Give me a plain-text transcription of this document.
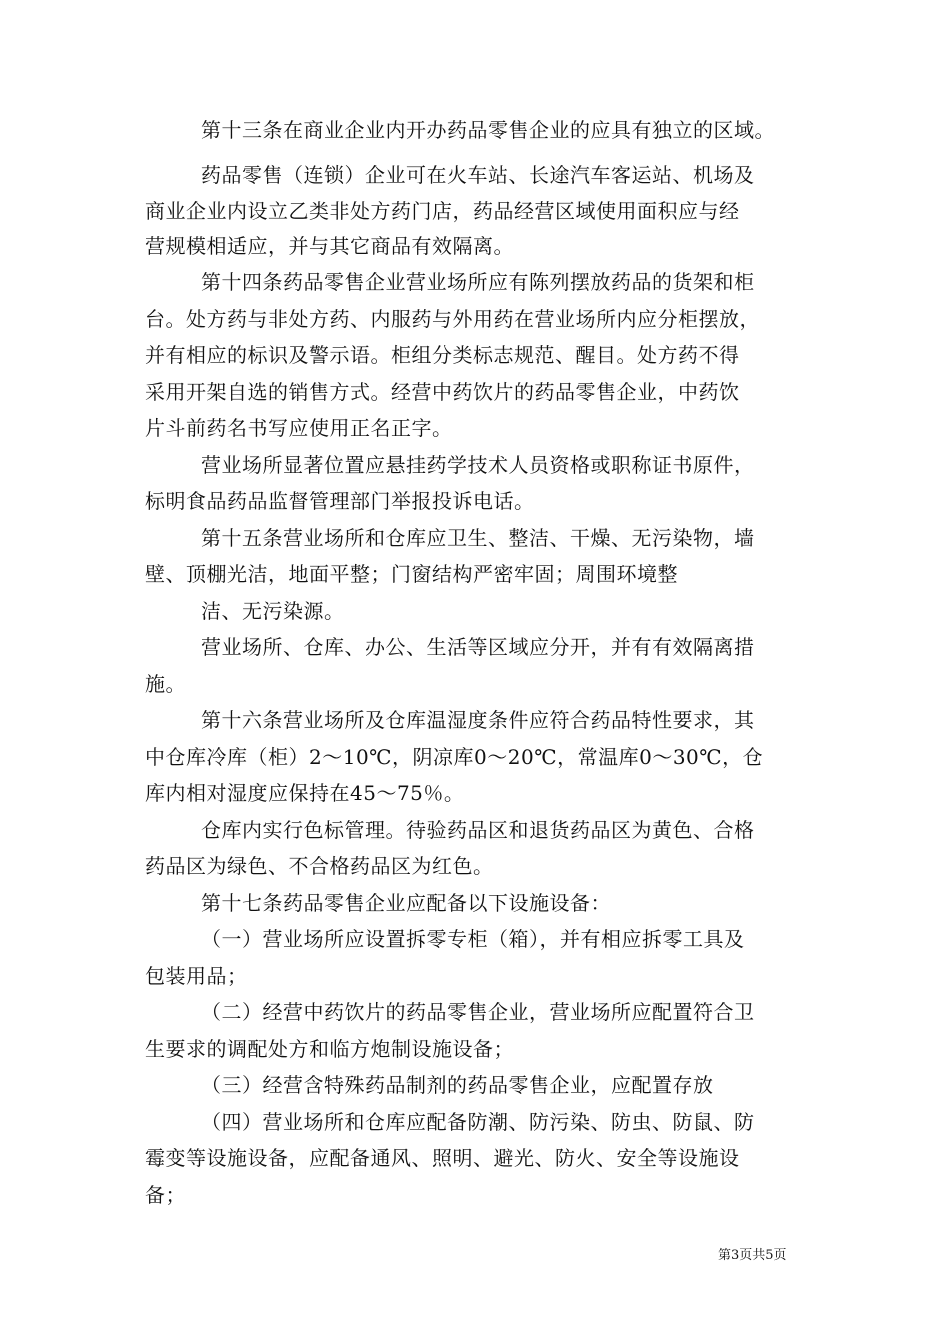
第十三条在商业企业内开办药品零售企业的应具有独立的区域。
药品零售（连锁）企业可在火车站、长途汽车客运站、机场及
商业企业内设立乙类非处方药门店，药品经营区域使用面积应与经
营规模相适应，并与其它商品有效隔离。
第十四条药品零售企业营业场所应有陈列摆放药品的货架和柜
台。处方药与非处方药、内服药与外用药在营业场所内应分柜摆放，
并有相应的标识及警示语。柜组分类标志规范、醒目。处方药不得
采用开架自选的销售方式。经营中药饮片的药品零售企业，中药饮
片斗前药名书写应使用正名正字。
营业场所显著位置应悬挂药学技术人员资格或职称证书原件，
标明食品药品监督管理部门举报投诉电话。
第十五条营业场所和仓库应卫生、整洁、干燥、无污染物，墙
壁、顶棚光洁，地面平整；门窗结构严密牢固；周围环境整
洁、无污染源。
营业场所、仓库、办公、生活等区域应分开，并有有效隔离措
施。
第十六条营业场所及仓库温湿度条件应符合药品特性要求，其
中仓库冷库（柜）2～10℃，阴凉库0～20℃，常温库0～30℃，仓
库内相对湿度应保持在45～75％。
仓库内实行色标管理。待验药品区和退货药品区为黄色、合格
药品区为绿色、不合格药品区为红色。
第十七条药品零售企业应配备以下设施设备：
（一）营业场所应设置拆零专柜（箱），并有相应拆零工具及
包装用品；
（二）经营中药饮片的药品零售企业，营业场所应配置符合卫
生要求的调配处方和临方炮制设施设备；
（三）经营含特殊药品制剂的药品零售企业，应配置存放
（四）营业场所和仓库应配备防潮、防污染、防虫、防鼠、防
霉变等设施设备，应配备通风、照明、避光、防火、安全等设施设
备；
第3页共5页
